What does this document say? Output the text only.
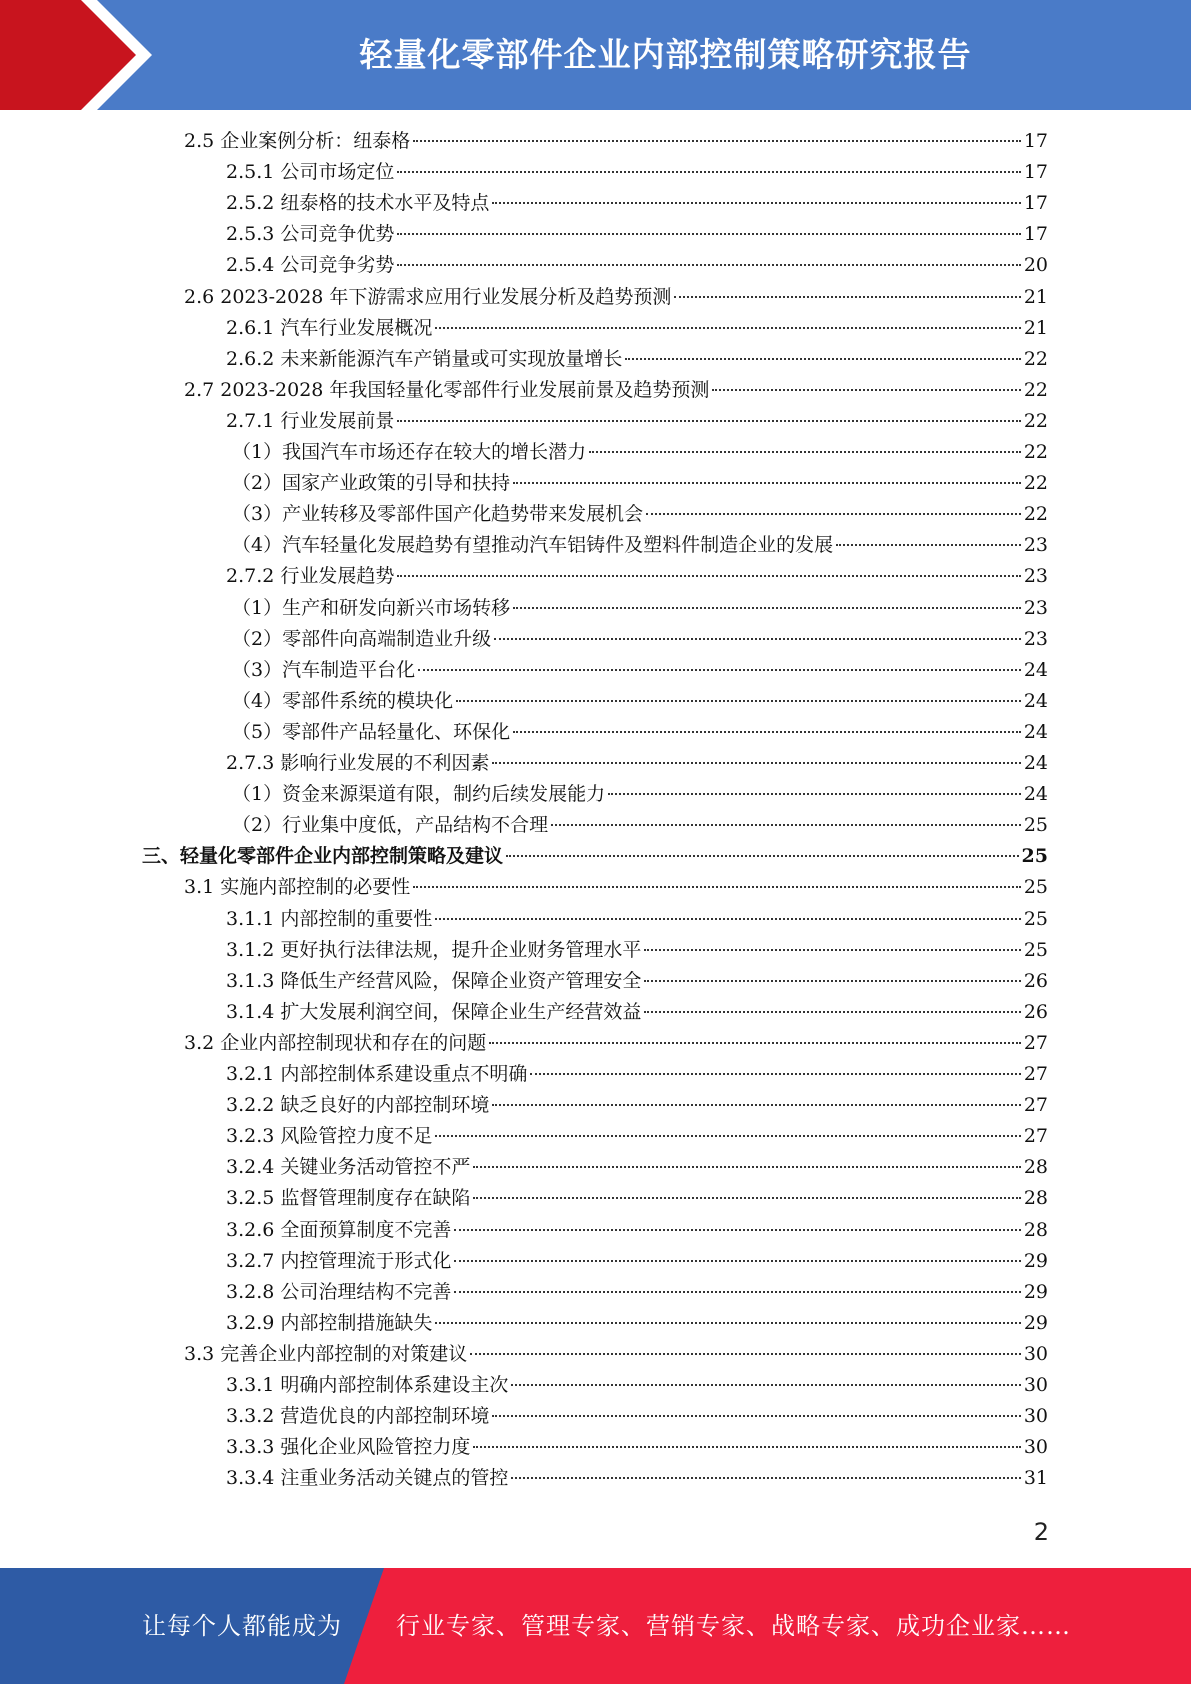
轻量化零部件企业内部控制策略研究报告
2.5 企业案例分析：纽泰格	17
2.5.1 公司市场定位	17
2.5.2 纽泰格的技术水平及特点	17
2.5.3 公司竞争优势	17
2.5.4 公司竞争劣势	20
2.6 2023-2028 年下游需求应用行业发展分析及趋势预测	21
2.6.1 汽车行业发展概况	21
2.6.2 未来新能源汽车产销量或可实现放量增长	22
2.7 2023-2028 年我国轻量化零部件行业发展前景及趋势预测	22
2.7.1 行业发展前景	22
（1）我国汽车市场还存在较大的增长潜力	22
（2）国家产业政策的引导和扶持	22
（3）产业转移及零部件国产化趋势带来发展机会	22
（4）汽车轻量化发展趋势有望推动汽车铝铸件及塑料件制造企业的发展	23
2.7.2 行业发展趋势	23
（1）生产和研发向新兴市场转移	23
（2）零部件向高端制造业升级	23
（3）汽车制造平台化	24
（4）零部件系统的模块化	24
（5）零部件产品轻量化、环保化	24
2.7.3 影响行业发展的不利因素	24
（1）资金来源渠道有限，制约后续发展能力	24
（2）行业集中度低，产品结构不合理	25
三、轻量化零部件企业内部控制策略及建议	25
3.1 实施内部控制的必要性	25
3.1.1 内部控制的重要性	25
3.1.2 更好执行法律法规，提升企业财务管理水平	25
3.1.3 降低生产经营风险，保障企业资产管理安全	26
3.1.4 扩大发展利润空间，保障企业生产经营效益	26
3.2 企业内部控制现状和存在的问题	27
3.2.1 内部控制体系建设重点不明确	27
3.2.2 缺乏良好的内部控制环境	27
3.2.3 风险管控力度不足	27
3.2.4 关键业务活动管控不严	28
3.2.5 监督管理制度存在缺陷	28
3.2.6 全面预算制度不完善	28
3.2.7 内控管理流于形式化	29
3.2.8 公司治理结构不完善	29
3.2.9 内部控制措施缺失	29
3.3 完善企业内部控制的对策建议	30
3.3.1 明确内部控制体系建设主次	30
3.3.2 营造优良的内部控制环境	30
3.3.3 强化企业风险管控力度	30
3.3.4 注重业务活动关键点的管控	31
2
让每个人都能成为 行业专家、管理专家、营销专家、战略专家、成功企业家……
